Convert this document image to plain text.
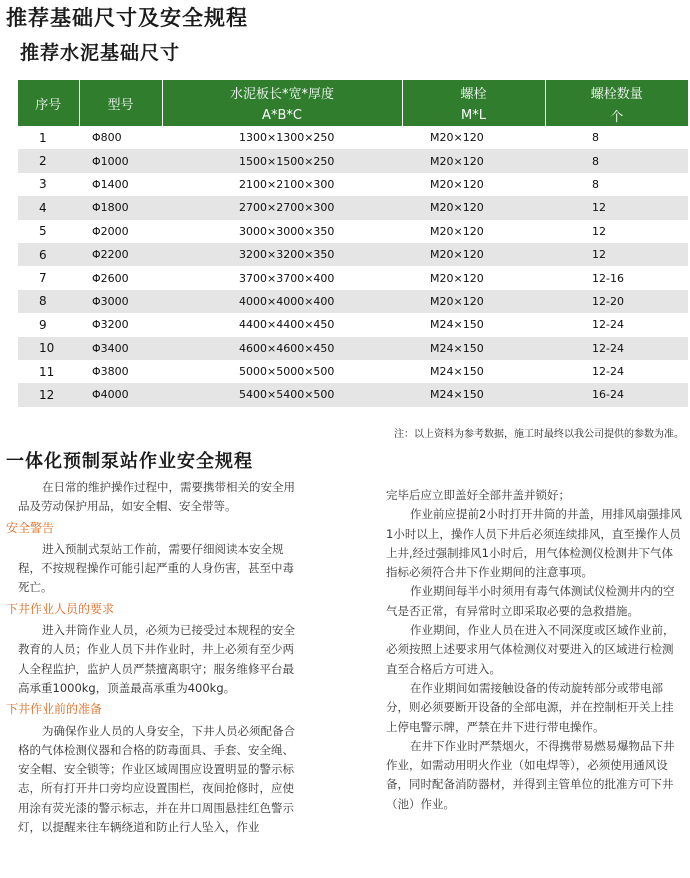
推荐基础尺寸及安全规程
推荐水泥基础尺寸
序号	型号	水泥板长*宽*厚度	螺栓	螺栓数量
		A*B*C	M*L	个
1	Φ800	1300×1300×250	M20×120	8
2	Φ1000	1500×1500×250	M20×120	8
3	Φ1400	2100×2100×300	M20×120	8
4	Φ1800	2700×2700×300	M20×120	12
5	Φ2000	3000×3000×350	M20×120	12
6	Φ2200	3200×3200×350	M20×120	12
7	Φ2600	3700×3700×400	M20×120	12-16
8	Φ3000	4000×4000×400	M20×120	12-20
9	Φ3200	4400×4400×450	M24×150	12-24
10	Φ3400	4600×4600×450	M24×150	12-24
11	Φ3800	5000×5000×500	M24×150	12-24
12	Φ4000	5400×5400×500	M24×150	16-24
注：以上资料为参考数据，施工时最终以我公司提供的参数为准。
一体化预制泵站作业安全规程

在日常的维护操作过程中，需要携带相关的安全用品及劳动保护用品，如安全帽、安全带等。

安全警告

进入预制式泵站工作前，需要仔细阅读本安全规程，不按规程操作可能引起严重的人身伤害，甚至中毒死亡。

下井作业人员的要求

进入井筒作业人员，必须为已接受过本规程的安全教育的人员；作业人员下井作业时，井上必须有至少两人全程监护，监护人员严禁擅离职守；服务维修平台最高承重1000kg，顶盖最高承重为400kg。

下井作业前的准备

为确保作业人员的人身安全，下井人员必须配备合格的气体检测仪器和合格的防毒面具、手套、安全绳、安全帽、安全锁等；作业区域周围应设置明显的警示标志，所有打开井口旁均应设置围栏，夜间抢修时，应使用涂有荧光漆的警示标志，并在井口周围悬挂红色警示灯，以提醒来往车辆绕道和防止行人坠入，作业

完毕后应立即盖好全部井盖并锁好；

作业前应提前2小时打开井筒的井盖，用排风扇强排风1小时以上，操作人员下井后必须连续排风，直至操作人员上井,经过强制排风1小时后，用气体检测仪检测井下气体指标必须符合井下作业期间的注意事项。

作业期间每半小时须用有毒气体测试仪检测井内的空气是否正常，有异常时立即采取必要的急救措施。

作业期间，作业人员在进入不同深度或区域作业前，必须按照上述要求用气体检测仪对要进入的区域进行检测直至合格后方可进入。

在作业期间如需接触设备的传动旋转部分或带电部分，则必须要断开设备的全部电源，并在控制柜开关上挂上停电警示牌，严禁在井下进行带电操作。

在井下作业时严禁烟火，不得携带易燃易爆物品下井作业，如需动用明火作业（如电焊等），必须使用通风设备，同时配备消防器材，并得到主管单位的批准方可下井（池）作业。
